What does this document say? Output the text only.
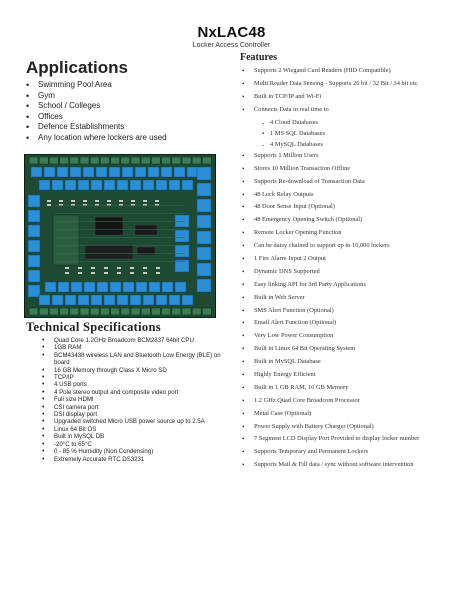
NxLAC48
Locker Access Controller
Applications
• Swimming Pool Area
• Gym
• School / Colleges
• Offices
• Defence Establishments
• Any location where lockers are used
Technical Specifications
• Quad Core 1.2GHz Broadcom BCM2837 64bit CPU
• 1GB RAM
• BCM43438 wireless LAN and Bluetooth Low Energy (BLE) on board
• 16 GB Memory through Class X Micro SD
• TCP/IP
• 4 USB ports
• 4 Pole stereo output and composite video port
• Full size HDMI
• CSI camera port
• DSI display port
• Upgraded switched Micro USB power source up to 2.5A
• Linux 64 Bit OS
• Built in MySQL DB
• -20°C to 65°C
• 0 - 85 % Humidity (Non Condensing)
• Extremely Accurate RTC DS3231
Features
• Supports 2 Wiegand Card Readers (HID Compatible)
• Multi Reader Data Sensing - Supports 26 bit / 32 Bit / 34 bit etc
• Built in TCP/IP and Wi-Fi
• Connects Data in real time to
- 4 Cloud Databases
▪ 1 MS SQL Databases
- 4 MySQL Databases
• Supports 1 Million Users
• Stores 10 Million Transaction Offline
• Supports Re-download of Transaction Data
• 48 Lock Relay Outputs
• 48 Door Sense Input (Optional)
• 48 Emergency Opening Switch (Optional)
• Remote Locker Opening Function
• Can be daisy chained to support up to 10,000 lockers
• 1 Fire Alarm Input 2 Output
• Dynamic DNS Supported
• Easy linking API for 3rd Party Applications
• Built in Web Server
• SMS Alert Function (Optional)
• Email Alert Function (Optional)
• Very Low Power Consumption
• Built in Linux 64 Bit Operating System
• Built in MySQL Database
• Highly Energy Efficient
• Built in 1 GB RAM, 16 GB Memory
• 1.2 GHz Quad Core Broadcom Processor
• Metal Case (Optional)
• Power Supply with Battery Charger (Optional)
• 7 Segment LCD Display Port Provided to display locker number
• Supports Temporary and Permanent Lockers
• Supports Mail & Fill data / sync without software intervention
